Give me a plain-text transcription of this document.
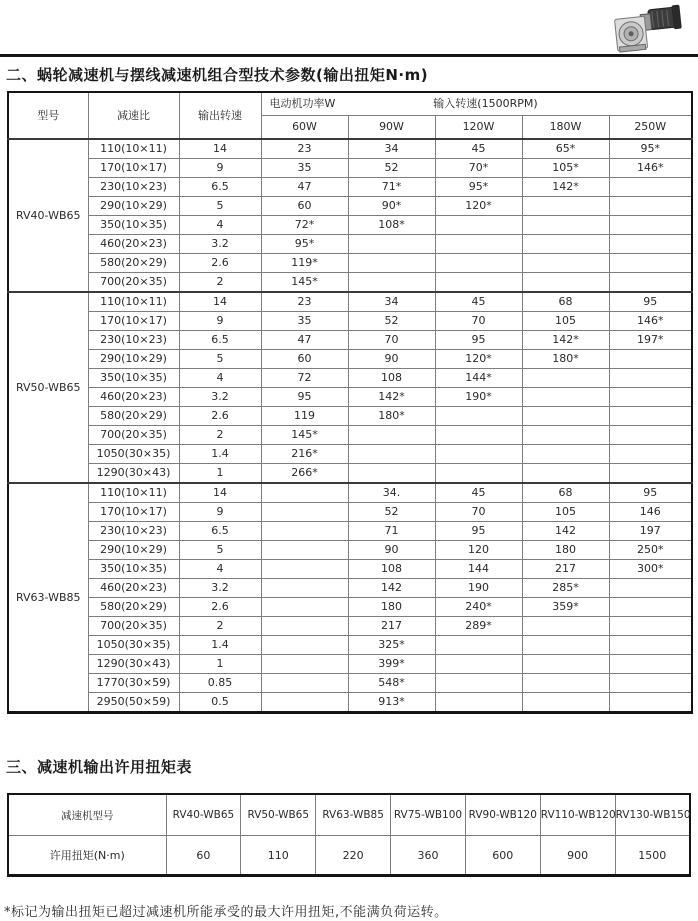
二、蜗轮减速机与摆线减速机组合型技术参数(输出扭矩N·m)
型号	减速比	输出转速	电动机功率W 输入转速(1500RPM)				

			60W	90W	120W	180W	250W
RV40-WB65	110(10×11)	14	23	34	45	65*	95*
	170(10×17)	9	35	52	70*	105*	146*
	230(10×23)	6.5	47	71*	95*	142*	
	290(10×29)	5	60	90*	120*		
	350(10×35)	4	72*	108*			
	460(20×23)	3.2	95*				
	580(20×29)	2.6	119*				
	700(20×35)	2	145*				
RV50-WB65	110(10×11)	14	23	34	45	68	95
	170(10×17)	9	35	52	70	105	146*
	230(10×23)	6.5	47	70	95	142*	197*
	290(10×29)	5	60	90	120*	180*	
	350(10×35)	4	72	108	144*		
	460(20×23)	3.2	95	142*	190*		
	580(20×29)	2.6	119	180*			
	700(20×35)	2	145*				
	1050(30×35)	1.4	216*				
	1290(30×43)	1	266*				
RV63-WB85	110(10×11)	14		34.	45	68	95
	170(10×17)	9		52	70	105	146
	230(10×23)	6.5		71	95	142	197
	290(10×29)	5		90	120	180	250*
	350(10×35)	4		108	144	217	300*
	460(20×23)	3.2		142	190	285*	
	580(20×29)	2.6		180	240*	359*	
	700(20×35)	2		217	289*		
	1050(30×35)	1.4		325*			
	1290(30×43)	1		399*			
	1770(30×59)	0.85		548*			
	2950(50×59)	0.5		913*			
三、减速机输出许用扭矩表
减速机型号	RV40-WB65	RV50-WB65	RV63-WB85	RV75-WB100	RV90-WB120	RV110-WB120	RV130-WB150
许用扭矩(N·m)	60	110	220	360	600	900	1500

*标记为输出扭矩已超过减速机所能承受的最大许用扭矩,不能满负荷运转。
